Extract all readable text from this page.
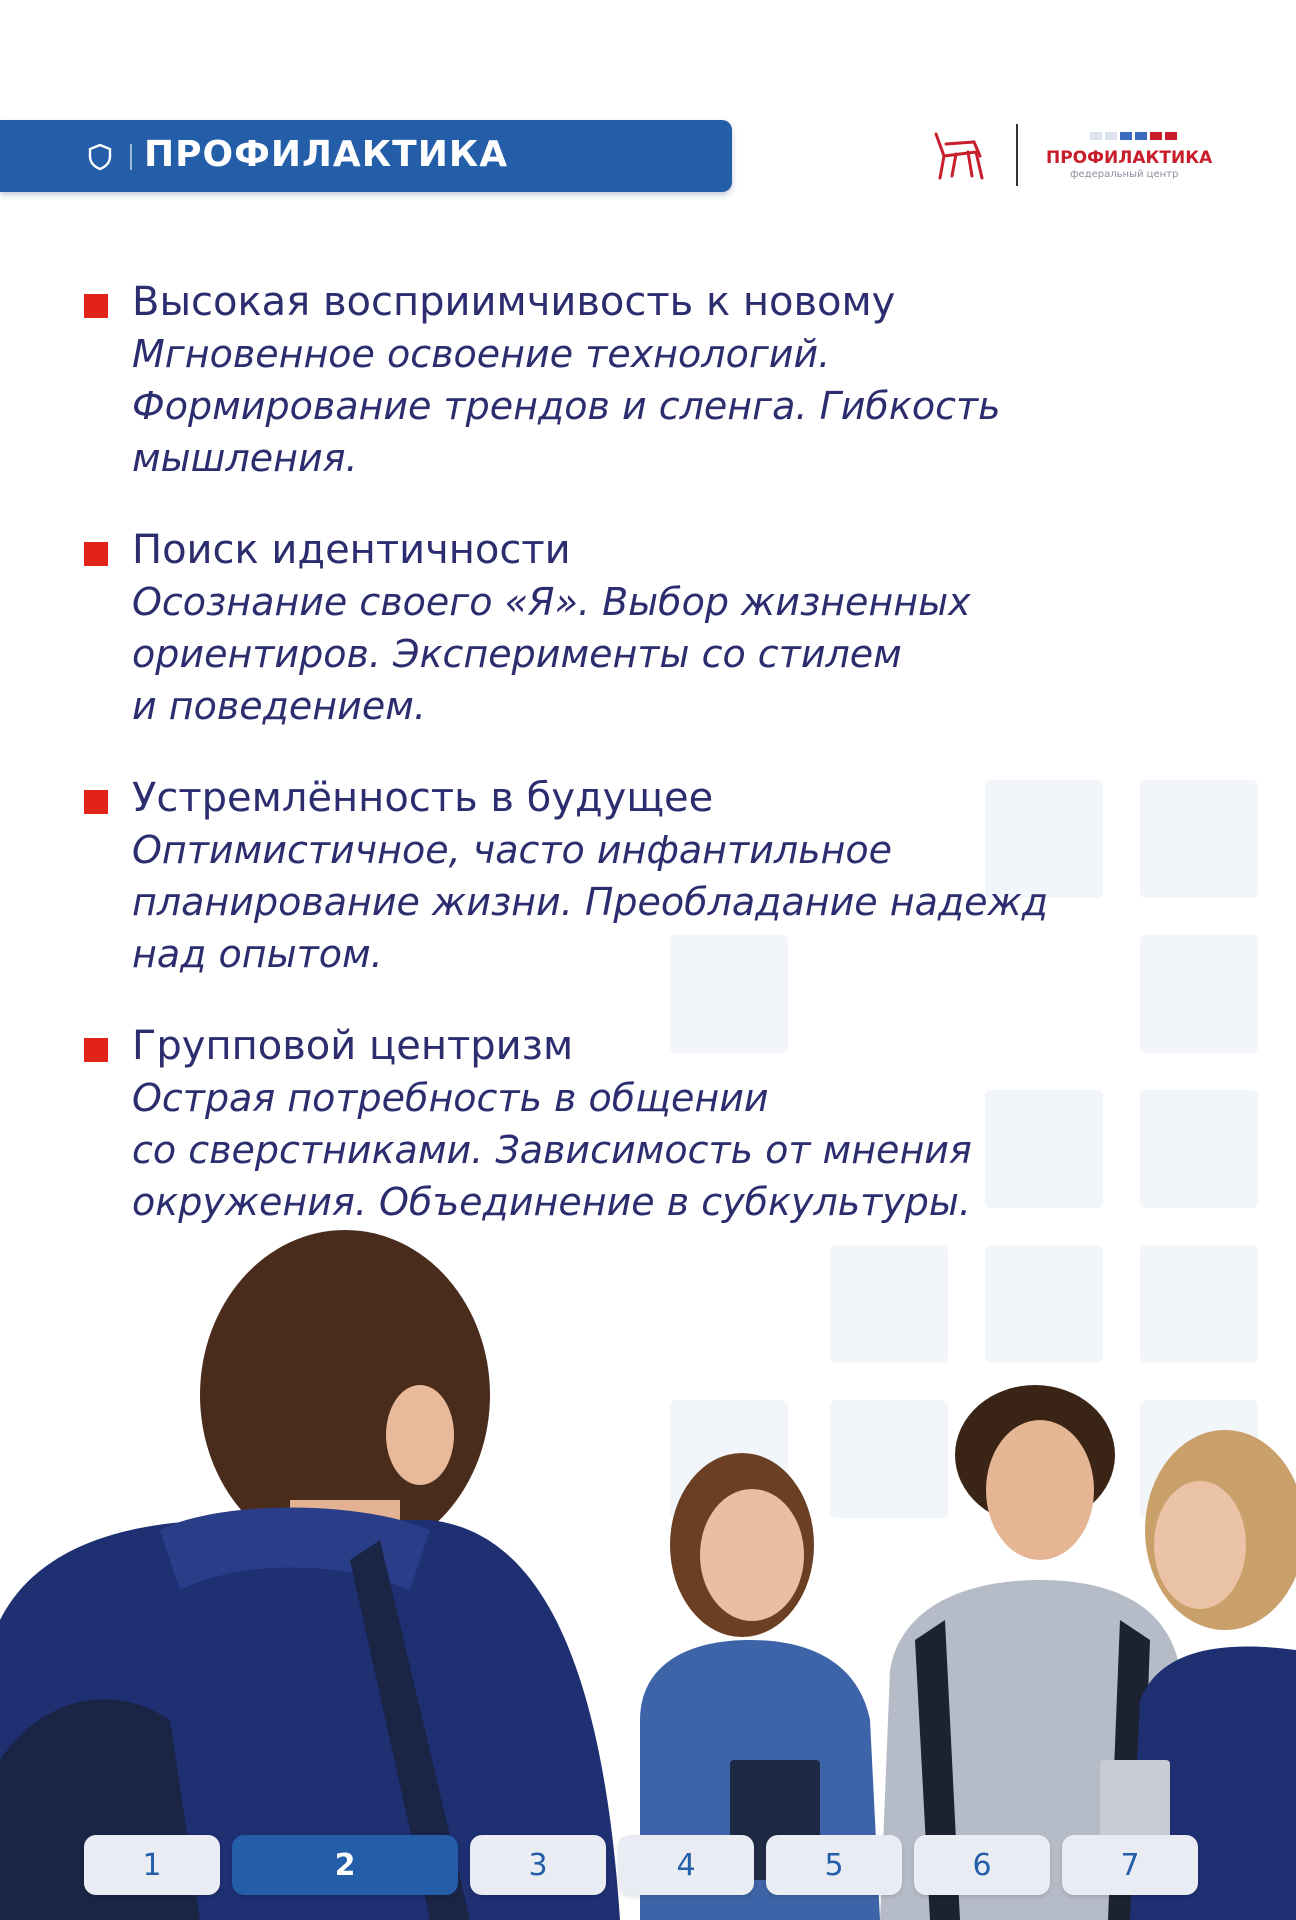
ПРОФИЛАКТИКА	ПРОФИЛАКТИКА
федеральный центр
Высокая восприимчивость к новому
Мгновенное освоение технологий.
Формирование трендов и сленга. Гибкость
мышления.
Поиск идентичности
Осознание своего «Я». Выбор жизненных
ориентиров. Эксперименты со стилем
и поведением.
Устремлённость в будущее
Оптимистичное, часто инфантильное
планирование жизни. Преобладание надежд
над опытом.
Групповой центризм
Острая потребность в общении
со сверстниками. Зависимость от мнения
окружения. Объединение в субкультуры.
1	2	3	4	5	6	7
